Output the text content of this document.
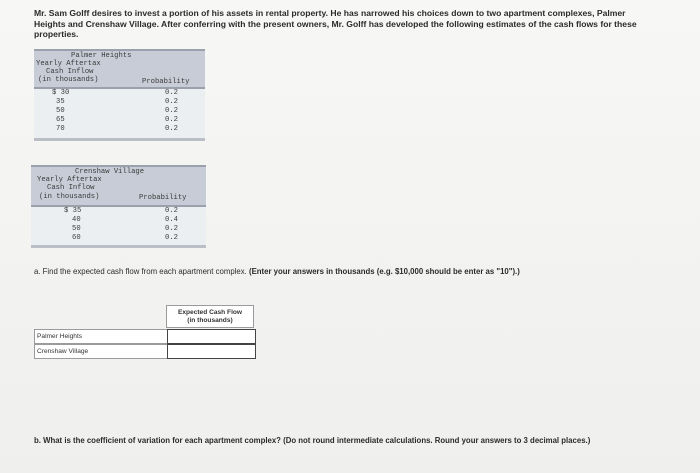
Mr. Sam Golff desires to invest a portion of his assets in rental property. He has narrowed his choices down to two apartment complexes, Palmer Heights and Crenshaw Village. After conferring with the present owners, Mr. Golff has developed the following estimates of the cash flows for these properties.
Palmer Heights
Yearly Aftertax
Cash Inflow
(in thousands)	Probability
$ 30	0.2
35	0.2
50	0.2
65	0.2
70	0.2
Crenshaw Village
Yearly Aftertax
Cash Inflow
(in thousands)	Probability
$ 35	0.2
40	0.4
50	0.2
60	0.2
a. Find the expected cash flow from each apartment complex. (Enter your answers in thousands (e.g. $10,000 should be enter as "10").)
Expected Cash Flow
(in thousands)
Palmer Heights
Crenshaw Village
b. What is the coefficient of variation for each apartment complex? (Do not round intermediate calculations. Round your answers to 3 decimal places.)
